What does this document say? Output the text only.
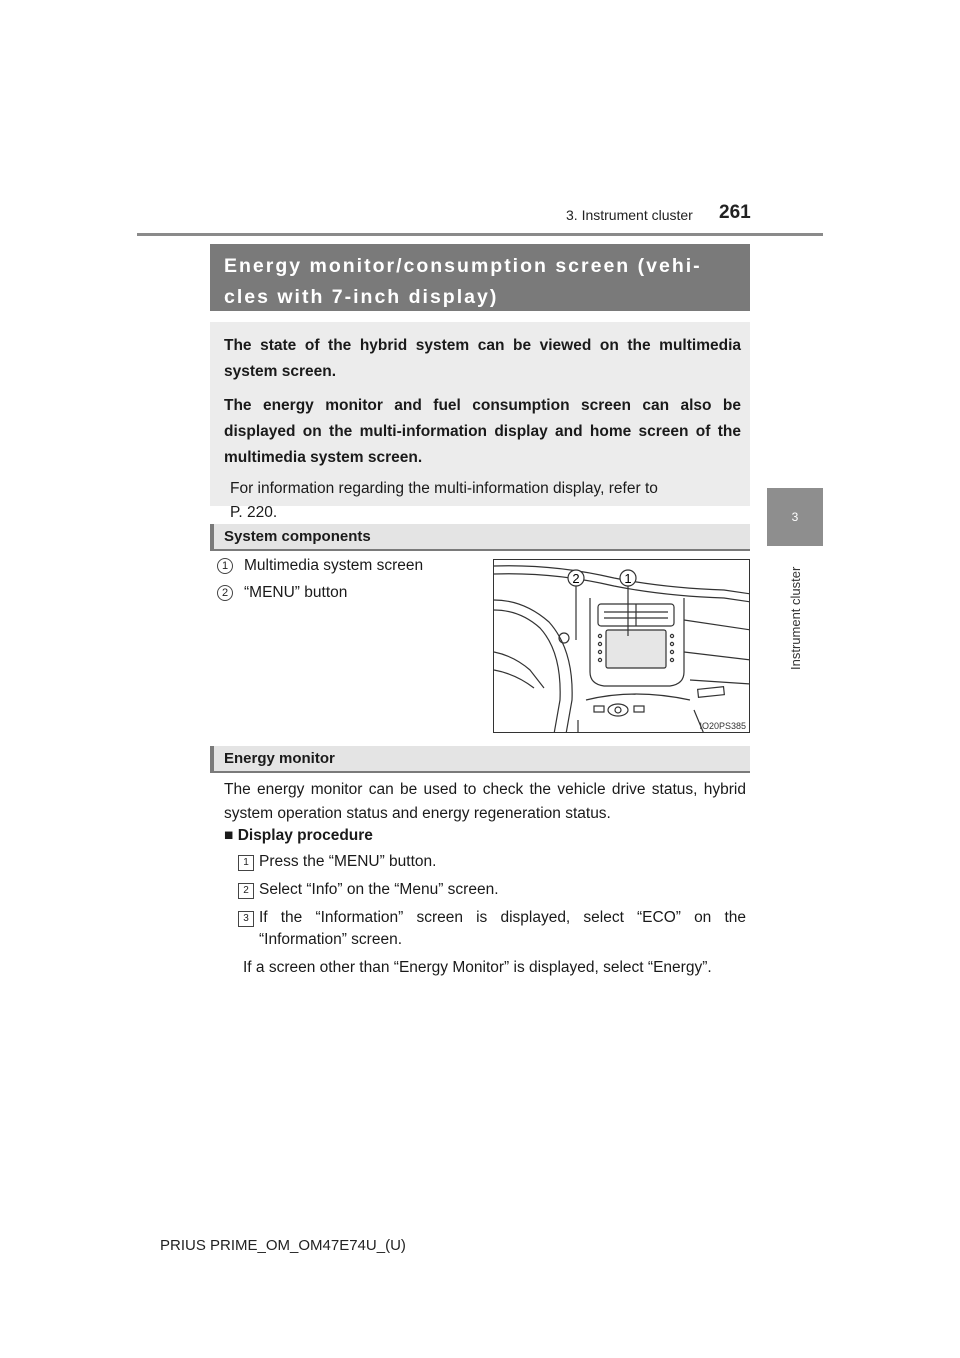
3. Instrument cluster 261
3
Instrument cluster
Energy monitor/consumption screen (vehi-
cles with 7-inch display)

The state of the hybrid system can be viewed on the multimedia system screen.

The energy monitor and fuel consumption screen can also be displayed on the multi-information display and home screen of the multimedia system screen.

For information regarding the multi-information display, refer to
P. 220.

System components
1	Multimedia system screen
2	“MENU” button
2	1
IO20PS385
Energy monitor
The energy monitor can be used to check the vehicle drive status, hybrid system operation status and energy regeneration status.
■ Display procedure
1 Press the “MENU” button.
2 Select “Info” on the “Menu” screen.
3 If the “Information” screen is displayed, select “ECO” on the
“Information” screen.
If a screen other than “Energy Monitor” is displayed, select “Energy”.
PRIUS PRIME_OM_OM47E74U_(U)
